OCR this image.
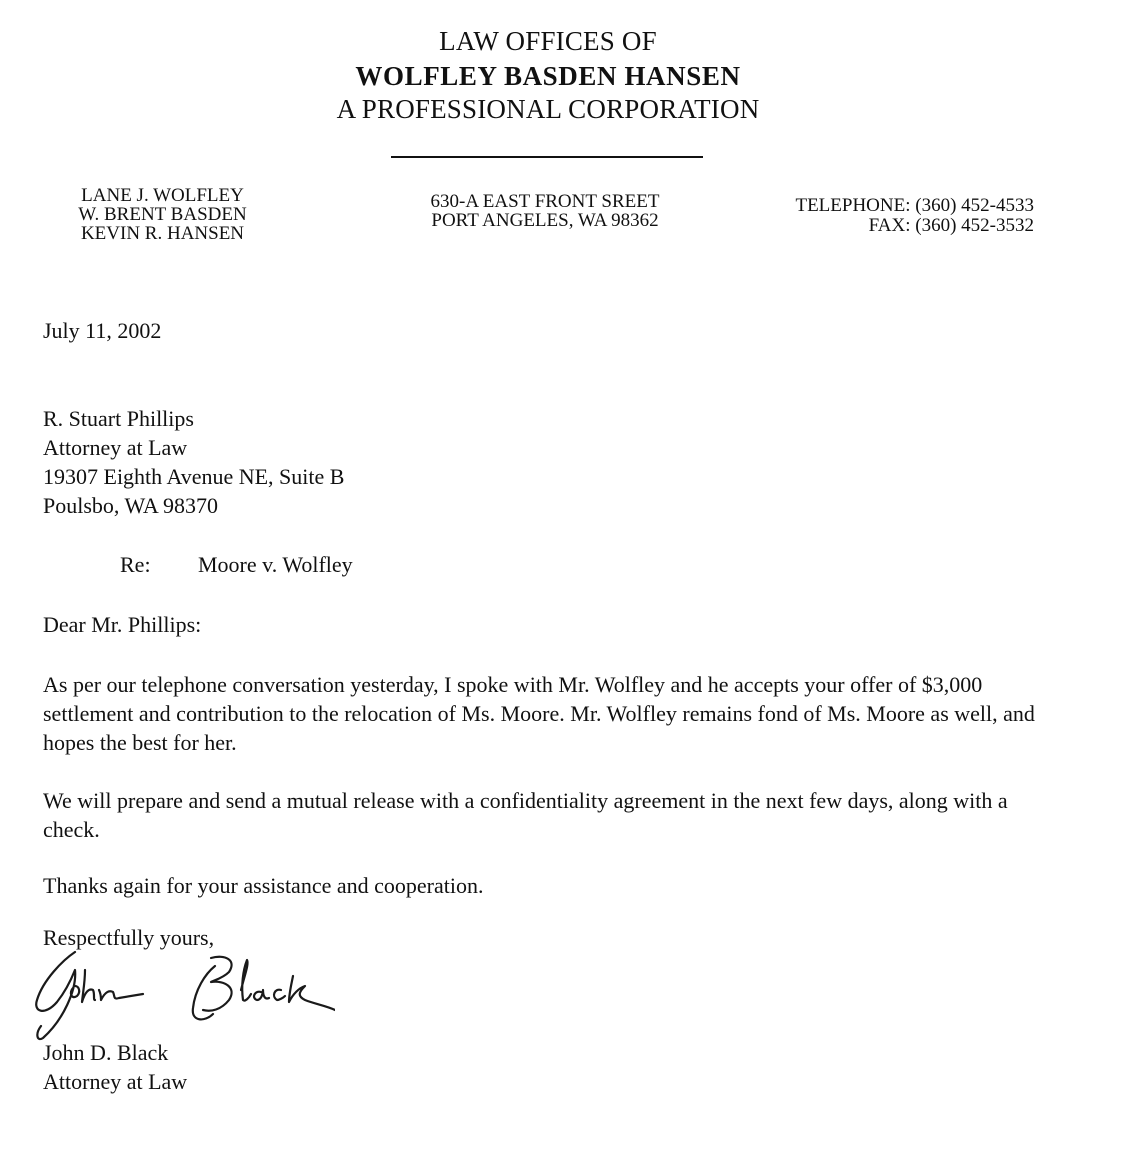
LAW OFFICES OF
WOLFLEY BASDEN HANSEN
A PROFESSIONAL CORPORATION
LANE J. WOLFLEY
W. BRENT BASDEN
KEVIN R. HANSEN
630-A EAST FRONT SREET
PORT ANGELES, WA 98362
TELEPHONE: (360) 452-4533
FAX: (360) 452-3532
July 11, 2002
R. Stuart Phillips
Attorney at Law
19307 Eighth Avenue NE, Suite B
Poulsbo, WA 98370
Re: Moore v. Wolfley
Dear Mr. Phillips:
As per our telephone conversation yesterday, I spoke with Mr. Wolfley and he accepts your offer of $3,000 settlement and contribution to the relocation of Ms. Moore. Mr. Wolfley remains fond of Ms. Moore as well, and hopes the best for her.
We will prepare and send a mutual release with a confidentiality agreement in the next few days, along with a check.
Thanks again for your assistance and cooperation.
Respectfully yours,
John D. Black
Attorney at Law
